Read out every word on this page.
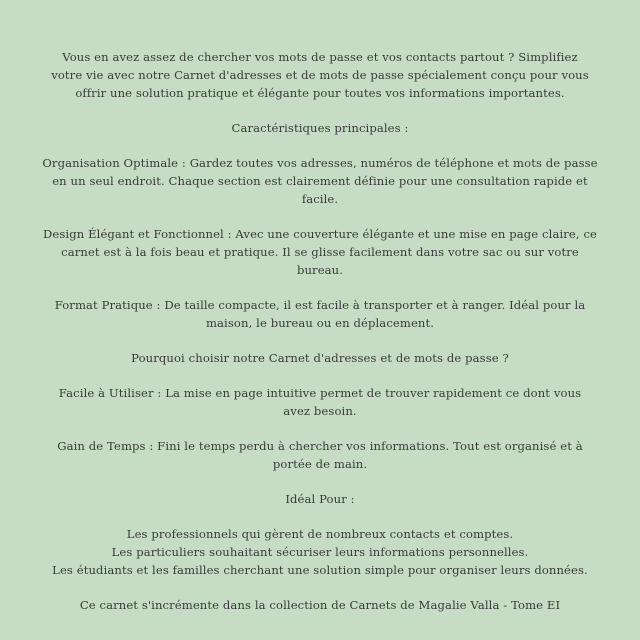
Vous en avez assez de chercher vos mots de passe et vos contacts partout ? Simplifiez
votre vie avec notre Carnet d'adresses et de mots de passe spécialement conçu pour vous
offrir une solution pratique et élégante pour toutes vos informations importantes.

Caractéristiques principales :

Organisation Optimale : Gardez toutes vos adresses, numéros de téléphone et mots de passe
en un seul endroit. Chaque section est clairement définie pour une consultation rapide et
facile.

Design Élégant et Fonctionnel : Avec une couverture élégante et une mise en page claire, ce
carnet est à la fois beau et pratique. Il se glisse facilement dans votre sac ou sur votre
bureau.

Format Pratique : De taille compacte, il est facile à transporter et à ranger. Idéal pour la
maison, le bureau ou en déplacement.

Pourquoi choisir notre Carnet d'adresses et de mots de passe ?

Facile à Utiliser : La mise en page intuitive permet de trouver rapidement ce dont vous
avez besoin.

Gain de Temps : Fini le temps perdu à chercher vos informations. Tout est organisé et à
portée de main.

Idéal Pour :

Les professionnels qui gèrent de nombreux contacts et comptes.
Les particuliers souhaitant sécuriser leurs informations personnelles.
Les étudiants et les familles cherchant une solution simple pour organiser leurs données.

Ce carnet s'incrémente dans la collection de Carnets de Magalie Valla - Tome EI
